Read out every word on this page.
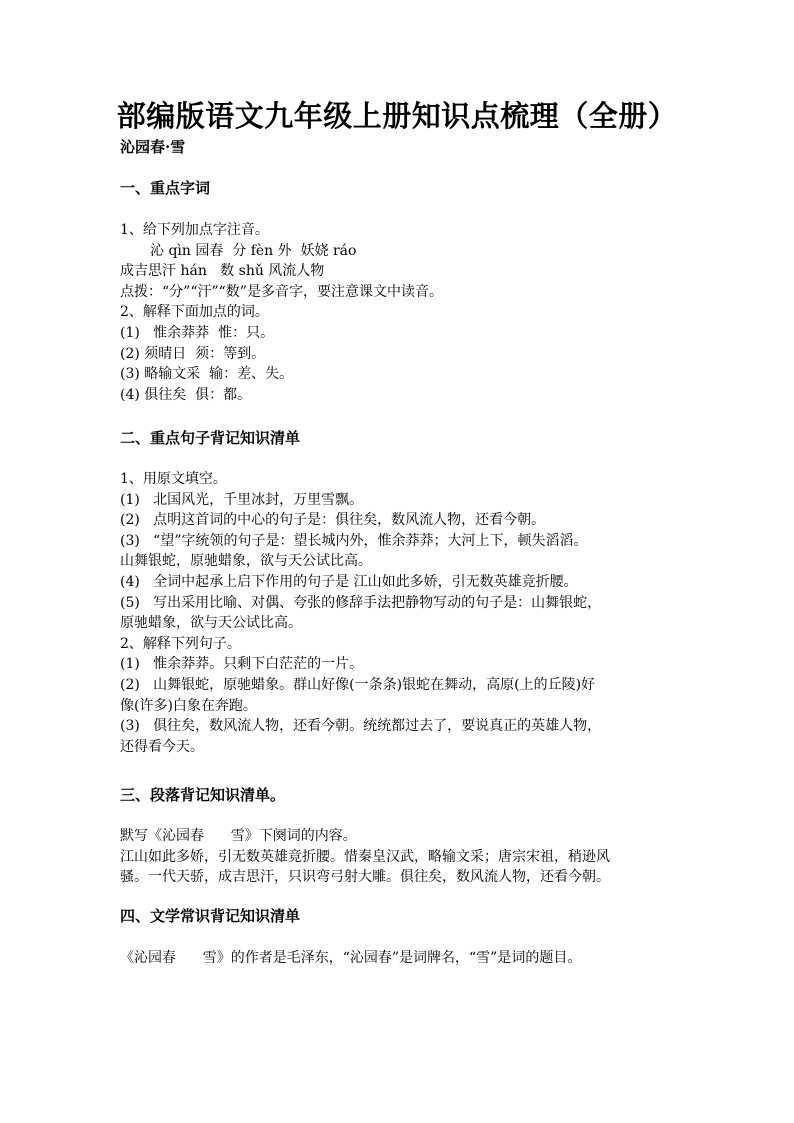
部编版语文九年级上册知识点梳理（全册）
沁园春·雪

一、重点字词

1、给下列加点字注音。

沁 qìn 园春  分 fèn 外  妖娆 ráo

成吉思汗 hán   数 shǔ 风流人物

点拨：“分”“汗”“数”是多音字，要注意课文中读音。

2、解释下面加点的词。

(1)   惟余莽莽  惟：只。

(2) 须晴日  须：等到。

(3) 略输文采  输：差、失。

(4) 俱往矣  俱：都。

二、重点句子背记知识清单

1、用原文填空。

(1)   北国风光，千里冰封，万里雪飘。

(2)   点明这首词的中心的句子是：俱往矣，数风流人物，还看今朝。

(3)   “望”字统领的句子是：望长城内外，惟余莽莽；大河上下，顿失滔滔。

山舞银蛇，原驰蜡象，欲与天公试比高。

(4)   全词中起承上启下作用的句子是 江山如此多娇，引无数英雄竞折腰。

(5)   写出采用比喻、对偶、夸张的修辞手法把静物写动的句子是：山舞银蛇，

原驰蜡象，欲与天公试比高。

2、解释下列句子。

(1)   惟余莽莽。只剩下白茫茫的一片。

(2)   山舞银蛇，原驰蜡象。群山好像(一条条)银蛇在舞动，高原(上的丘陵)好

像(许多)白象在奔跑。

(3)   俱往矣，数风流人物，还看今朝。统统都过去了，要说真正的英雄人物，

还得看今天。

三、段落背记知识清单。

默写《沁园春      雪》下阕词的内容。

江山如此多娇，引无数英雄竞折腰。惜秦皇汉武，略输文采；唐宗宋祖，稍逊风

骚。一代天骄，成吉思汗，只识弯弓射大雕。俱往矣，数风流人物，还看今朝。

四、文学常识背记知识清单

《沁园春      雪》的作者是毛泽东，“沁园春”是词牌名，“雪”是词的题目。
